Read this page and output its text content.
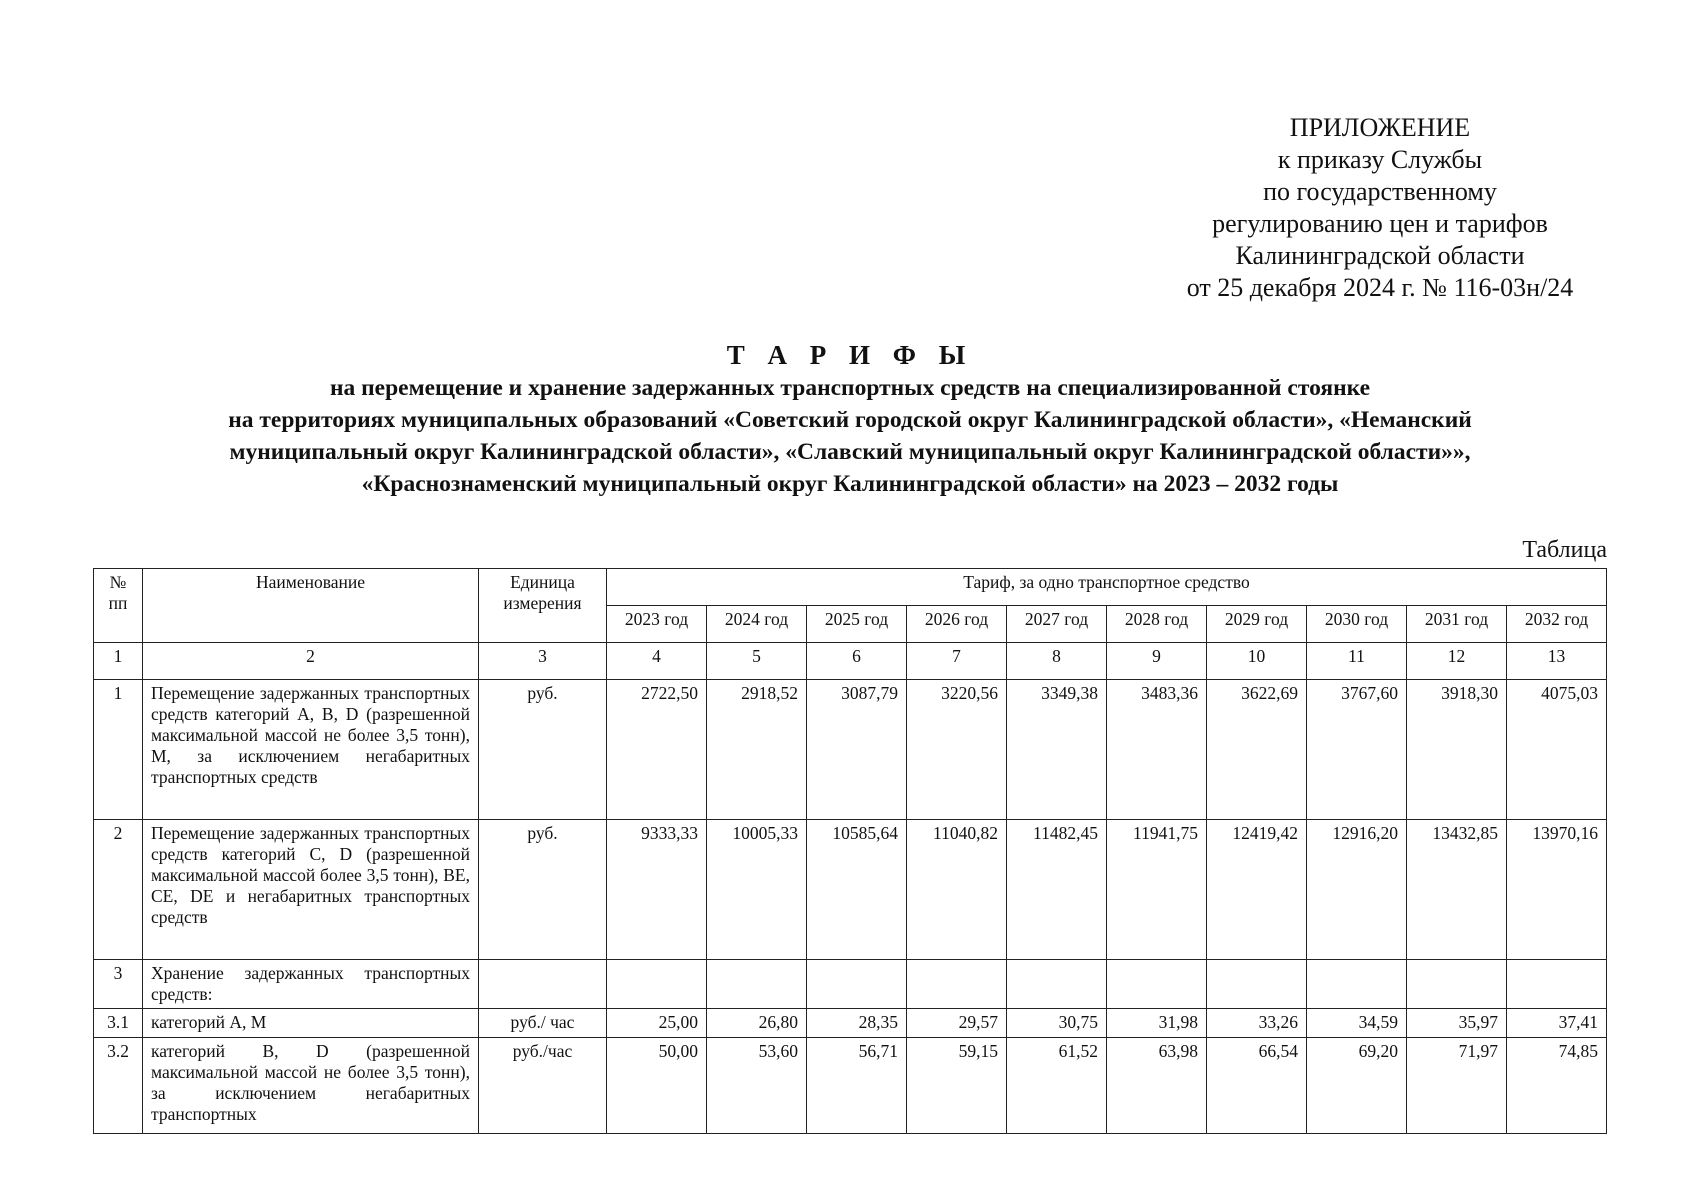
ПРИЛОЖЕНИЕ
к приказу Службы
по государственному
регулированию цен и тарифов
Калининградской области
от 25 декабря 2024 г. № 116-03н/24
Т А Р И Ф Ы
на перемещение и хранение задержанных транспортных средств на специализированной стоянке
на территориях муниципальных образований «Советский городской округ Калининградской области», «Неманский
муниципальный округ Калининградской области», «Славский муниципальный округ Калининградской области»»,
«Краснознаменский муниципальный округ Калининградской области» на 2023 – 2032 годы
Таблица
№ пп	Наименование	Единица измерения	Тариф, за одно транспортное средство									
			2023 год	2024 год	2025 год	2026 год	2027 год	2028 год	2029 год	2030 год	2031 год	2032 год
1	2	3	4	5	6	7	8	9	10	11	12	13
1	Перемещение задержанных транспортных средств категорий A, B, D (разрешенной максимальной массой не более 3,5 тонн), M, за исключением негабаритных транспортных средств	руб.	2722,50	2918,52	3087,79	3220,56	3349,38	3483,36	3622,69	3767,60	3918,30	4075,03
2	Перемещение задержанных транспортных средств категорий C, D (разрешенной максимальной массой более 3,5 тонн), BE, CE, DE и негабаритных транспортных средств	руб.	9333,33	10005,33	10585,64	11040,82	11482,45	11941,75	12419,42	12916,20	13432,85	13970,16
3	Хранение задержанных транспортных средств:											
3.1	категорий A, M	руб./ час	25,00	26,80	28,35	29,57	30,75	31,98	33,26	34,59	35,97	37,41
3.2	категорий B, D (разрешенной максимальной массой не более 3,5 тонн), за исключением негабаритных транспортных	руб./час	50,00	53,60	56,71	59,15	61,52	63,98	66,54	69,20	71,97	74,85
